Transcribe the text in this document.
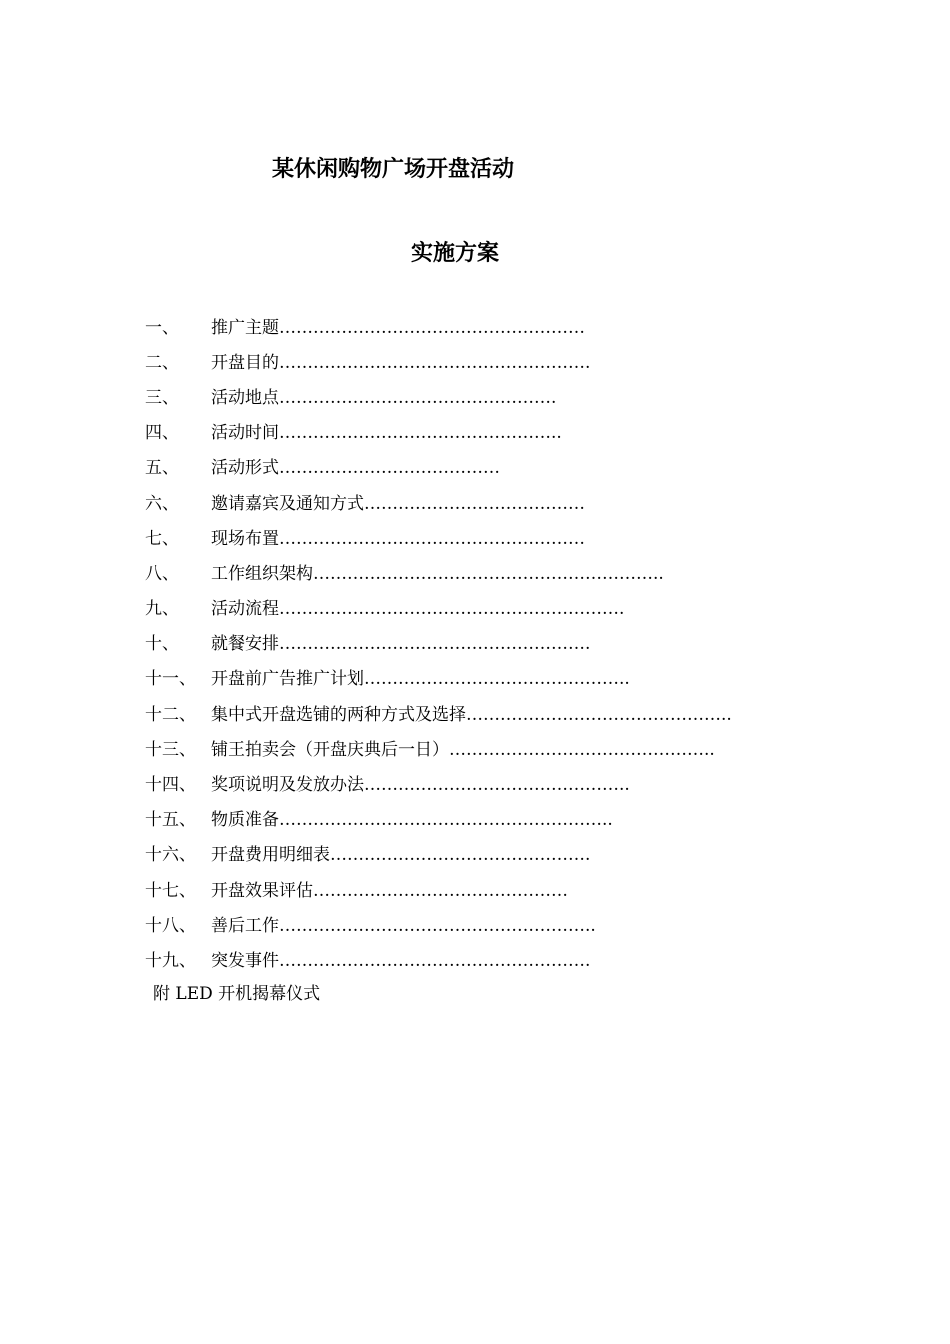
某休闲购物广场开盘活动
实施方案
一、	推广主题 ………………………………………………
二、	开盘目的 ……………………………………………….
三、	活动地点 ………………………………………….
四、	活动时间 …………………………………………..
五、	活动形式 …………………………………
六、	邀请嘉宾及通知方式 …………………………………
七、	现场布置 ………………………………………………
八、	工作组织架构 ……………………………………………………..
九、	活动流程 …………………………………………………….
十、	就餐安排 ……………………………………………….
十一、 开盘前广告推广计划 ………………………………………..
十二、 集中式开盘选铺的两种方式及选择 ………………………………………..
十三、 铺王拍卖会（开盘庆典后一日） ………………………………………..
十四、 奖项说明及发放办法 ………………………………………..
十五、 物质准备 …………………………………………………..
十六、 开盘费用明细表 ……………………………………….
十七、 开盘效果评估 ………………………………………
十八、 善后工作 ………………………………………………..
十九、 突发事件 ……………………………………………….
附 LED 开机揭幕仪式
